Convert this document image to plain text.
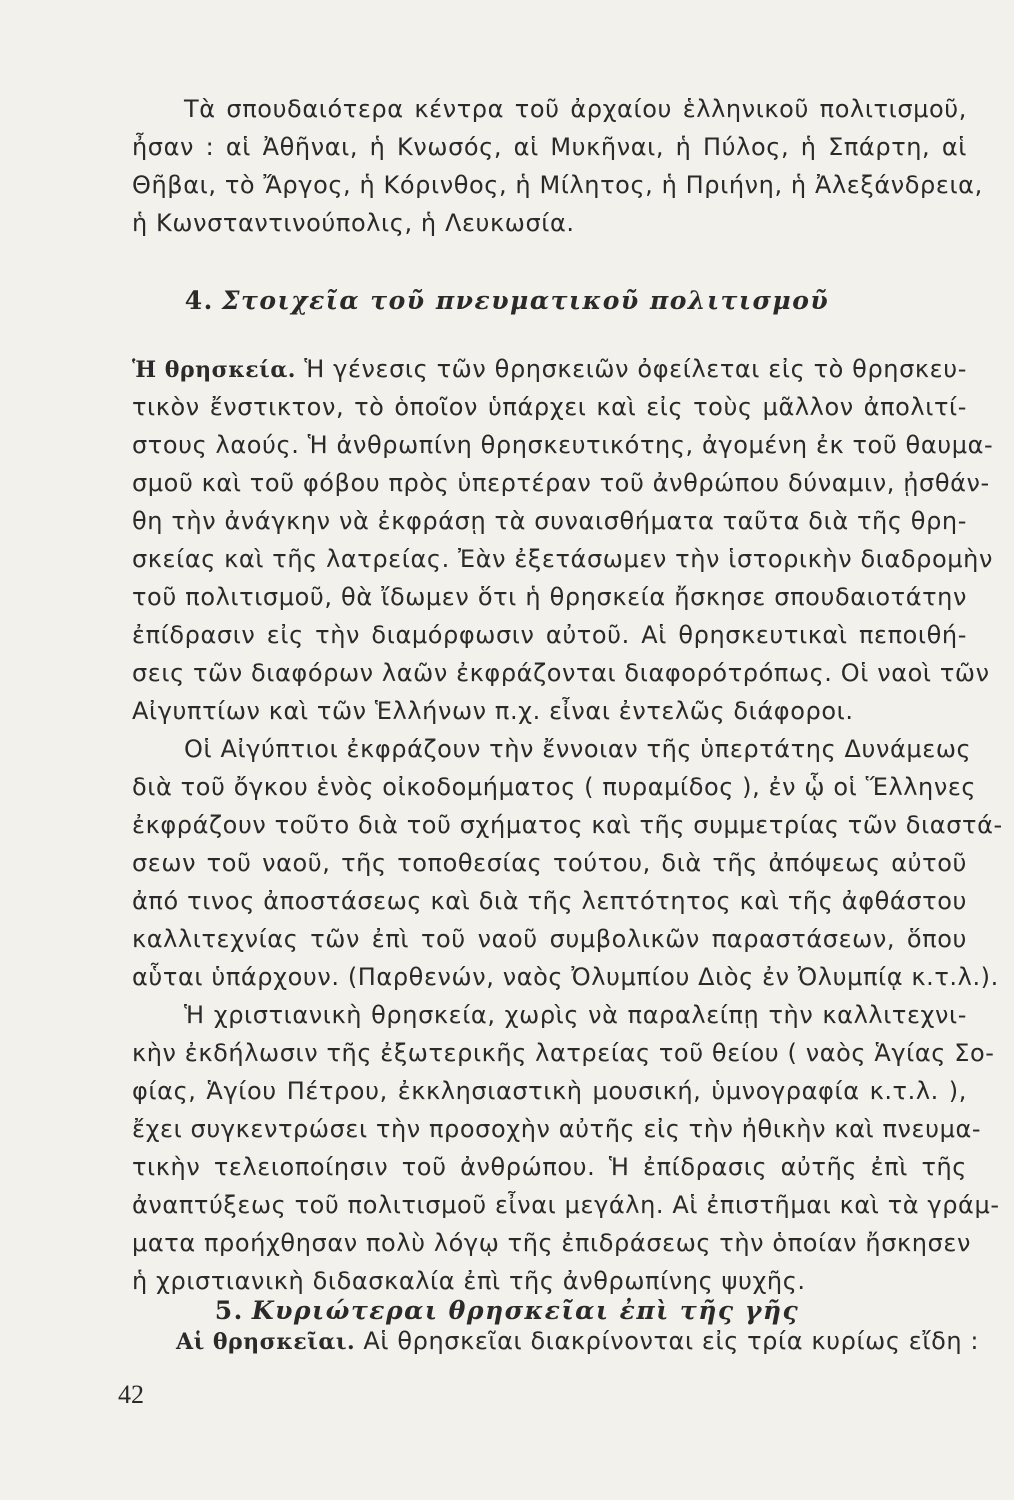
Τὰ σπουδαιότερα κέντρα τοῦ ἀρχαίου ἑλληνικοῦ πολιτισμοῦ,
ἦσαν : αἱ Ἀθῆναι, ἡ Κνωσός, αἱ Μυκῆναι, ἡ Πύλος, ἡ Σπάρτη, αἱ
Θῆβαι, τὸ Ἄργος, ἡ Κόρινθος, ἡ Μίλητος, ἡ Πριήνη, ἡ Ἀλεξάνδρεια,
ἡ Κωνσταντινούπολις, ἡ Λευκωσία.
4. Στοιχεῖα τοῦ πνευματικοῦ πολιτισμοῦ
Ἡ θρησκεία. Ἡ γένεσις τῶν θρησκειῶν ὀφείλεται εἰς τὸ θρησκευ-
τικὸν ἔνστικτον, τὸ ὁποῖον ὑπάρχει καὶ εἰς τοὺς μᾶλλον ἀπολιτί-
στους λαούς. Ἡ ἀνθρωπίνη θρησκευτικότης, ἀγομένη ἐκ τοῦ θαυμα-
σμοῦ καὶ τοῦ φόβου πρὸς ὑπερτέραν τοῦ ἀνθρώπου δύναμιν, ᾐσθάν-
θη τὴν ἀνάγκην νὰ ἐκφράσῃ τὰ συναισθήματα ταῦτα διὰ τῆς θρη-
σκείας καὶ τῆς λατρείας. Ἐὰν ἐξετάσωμεν τὴν ἱστορικὴν διαδρομὴν
τοῦ πολιτισμοῦ, θὰ ἴδωμεν ὅτι ἡ θρησκεία ἤσκησε σπουδαιοτάτην
ἐπίδρασιν εἰς τὴν διαμόρφωσιν αὐτοῦ. Αἱ θρησκευτικαὶ πεποιθή-
σεις τῶν διαφόρων λαῶν ἐκφράζονται διαφορότρόπως. Οἱ ναοὶ τῶν
Αἰγυπτίων καὶ τῶν Ἑλλήνων π.χ. εἶναι ἐντελῶς διάφοροι.
Οἱ Αἰγύπτιοι ἐκφράζουν τὴν ἔννοιαν τῆς ὑπερτάτης Δυνάμεως
διὰ τοῦ ὄγκου ἑνὸς οἰκοδομήματος ( πυραμίδος ), ἐν ᾧ οἱ Ἕλληνες
ἐκφράζουν τοῦτο διὰ τοῦ σχήματος καὶ τῆς συμμετρίας τῶν διαστά-
σεων τοῦ ναοῦ, τῆς τοποθεσίας τούτου, διὰ τῆς ἀπόψεως αὐτοῦ
ἀπό τινος ἀποστάσεως καὶ διὰ τῆς λεπτότητος καὶ τῆς ἀφθάστου
καλλιτεχνίας τῶν ἐπὶ τοῦ ναοῦ συμβολικῶν παραστάσεων, ὅπου
αὗται ὑπάρχουν. (Παρθενών, ναὸς Ὀλυμπίου Διὸς ἐν Ὀλυμπίᾳ κ.τ.λ.).
Ἡ χριστιανικὴ θρησκεία, χωρὶς νὰ παραλείπῃ τὴν καλλιτεχνι-
κὴν ἐκδήλωσιν τῆς ἐξωτερικῆς λατρείας τοῦ θείου ( ναὸς Ἁγίας Σο-
φίας, Ἁγίου Πέτρου, ἐκκλησιαστικὴ μουσική, ὑμνογραφία κ.τ.λ. ),
ἔχει συγκεντρώσει τὴν προσοχὴν αὐτῆς εἰς τὴν ἠθικὴν καὶ πνευμα-
τικὴν τελειοποίησιν τοῦ ἀνθρώπου. Ἡ ἐπίδρασις αὐτῆς ἐπὶ τῆς
ἀναπτύξεως τοῦ πολιτισμοῦ εἶναι μεγάλη. Αἱ ἐπιστῆμαι καὶ τὰ γράμ-
ματα προήχθησαν πολὺ λόγῳ τῆς ἐπιδράσεως τὴν ὁποίαν ἤσκησεν
ἡ χριστιανικὴ διδασκαλία ἐπὶ τῆς ἀνθρωπίνης ψυχῆς.
5. Κυριώτεραι θρησκεῖαι ἐπὶ τῆς γῆς
Αἱ θρησκεῖαι. Αἱ θρησκεῖαι διακρίνονται εἰς τρία κυρίως εἴδη :
42
